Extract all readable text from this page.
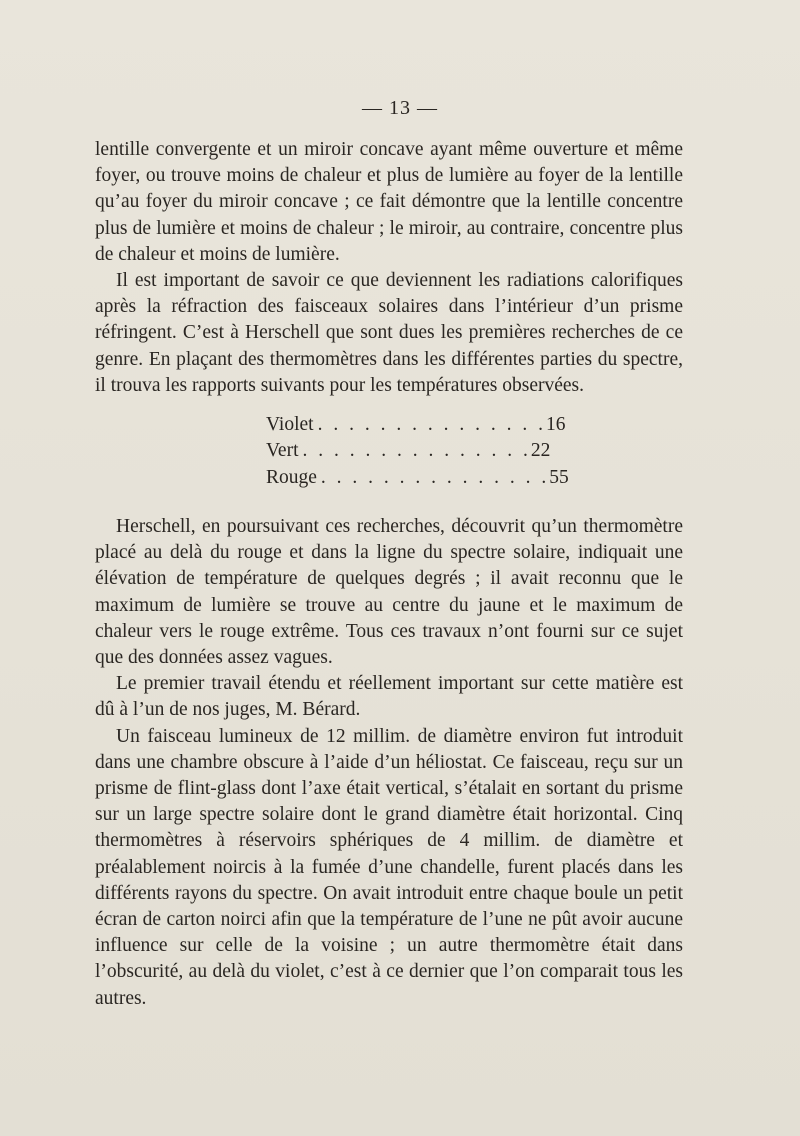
— 13 —

lentille convergente et un miroir concave ayant même ouverture et même foyer, ou trouve moins de chaleur et plus de lumière au foyer de la lentille qu’au foyer du miroir concave ; ce fait démontre que la lentille concentre plus de lumière et moins de chaleur ; le miroir, au contraire, concentre plus de chaleur et moins de lumière.

Il est important de savoir ce que deviennent les radiations calorifiques après la réfraction des faisceaux solaires dans l’intérieur d’un prisme réfringent. C’est à Herschell que sont dues les premières recherches de ce genre. En plaçant des thermomètres dans les différentes parties du spectre, il trouva les rapports suivants pour les températures observées.

Violet . . . . . . . . . . . . . . . 16
Vert . . . . . . . . . . . . . . . 22
Rouge . . . . . . . . . . . . . . . 55

Herschell, en poursuivant ces recherches, découvrit qu’un thermomètre placé au delà du rouge et dans la ligne du spectre solaire, indiquait une élévation de température de quelques degrés ; il avait reconnu que le maximum de lumière se trouve au centre du jaune et le maximum de chaleur vers le rouge extrême. Tous ces travaux n’ont fourni sur ce sujet que des données assez vagues.

Le premier travail étendu et réellement important sur cette matière est dû à l’un de nos juges, M. Bérard.

Un faisceau lumineux de 12 millim. de diamètre environ fut introduit dans une chambre obscure à l’aide d’un héliostat. Ce faisceau, reçu sur un prisme de flint-glass dont l’axe était vertical, s’étalait en sortant du prisme sur un large spectre solaire dont le grand diamètre était horizontal. Cinq thermomètres à réservoirs sphériques de 4 millim. de diamètre et préalablement noircis à la fumée d’une chandelle, furent placés dans les différents rayons du spectre. On avait introduit entre chaque boule un petit écran de carton noirci afin que la température de l’une ne pût avoir aucune influence sur celle de la voisine ; un autre thermomètre était dans l’obscurité, au delà du violet, c’est à ce dernier que l’on comparait tous les autres.
